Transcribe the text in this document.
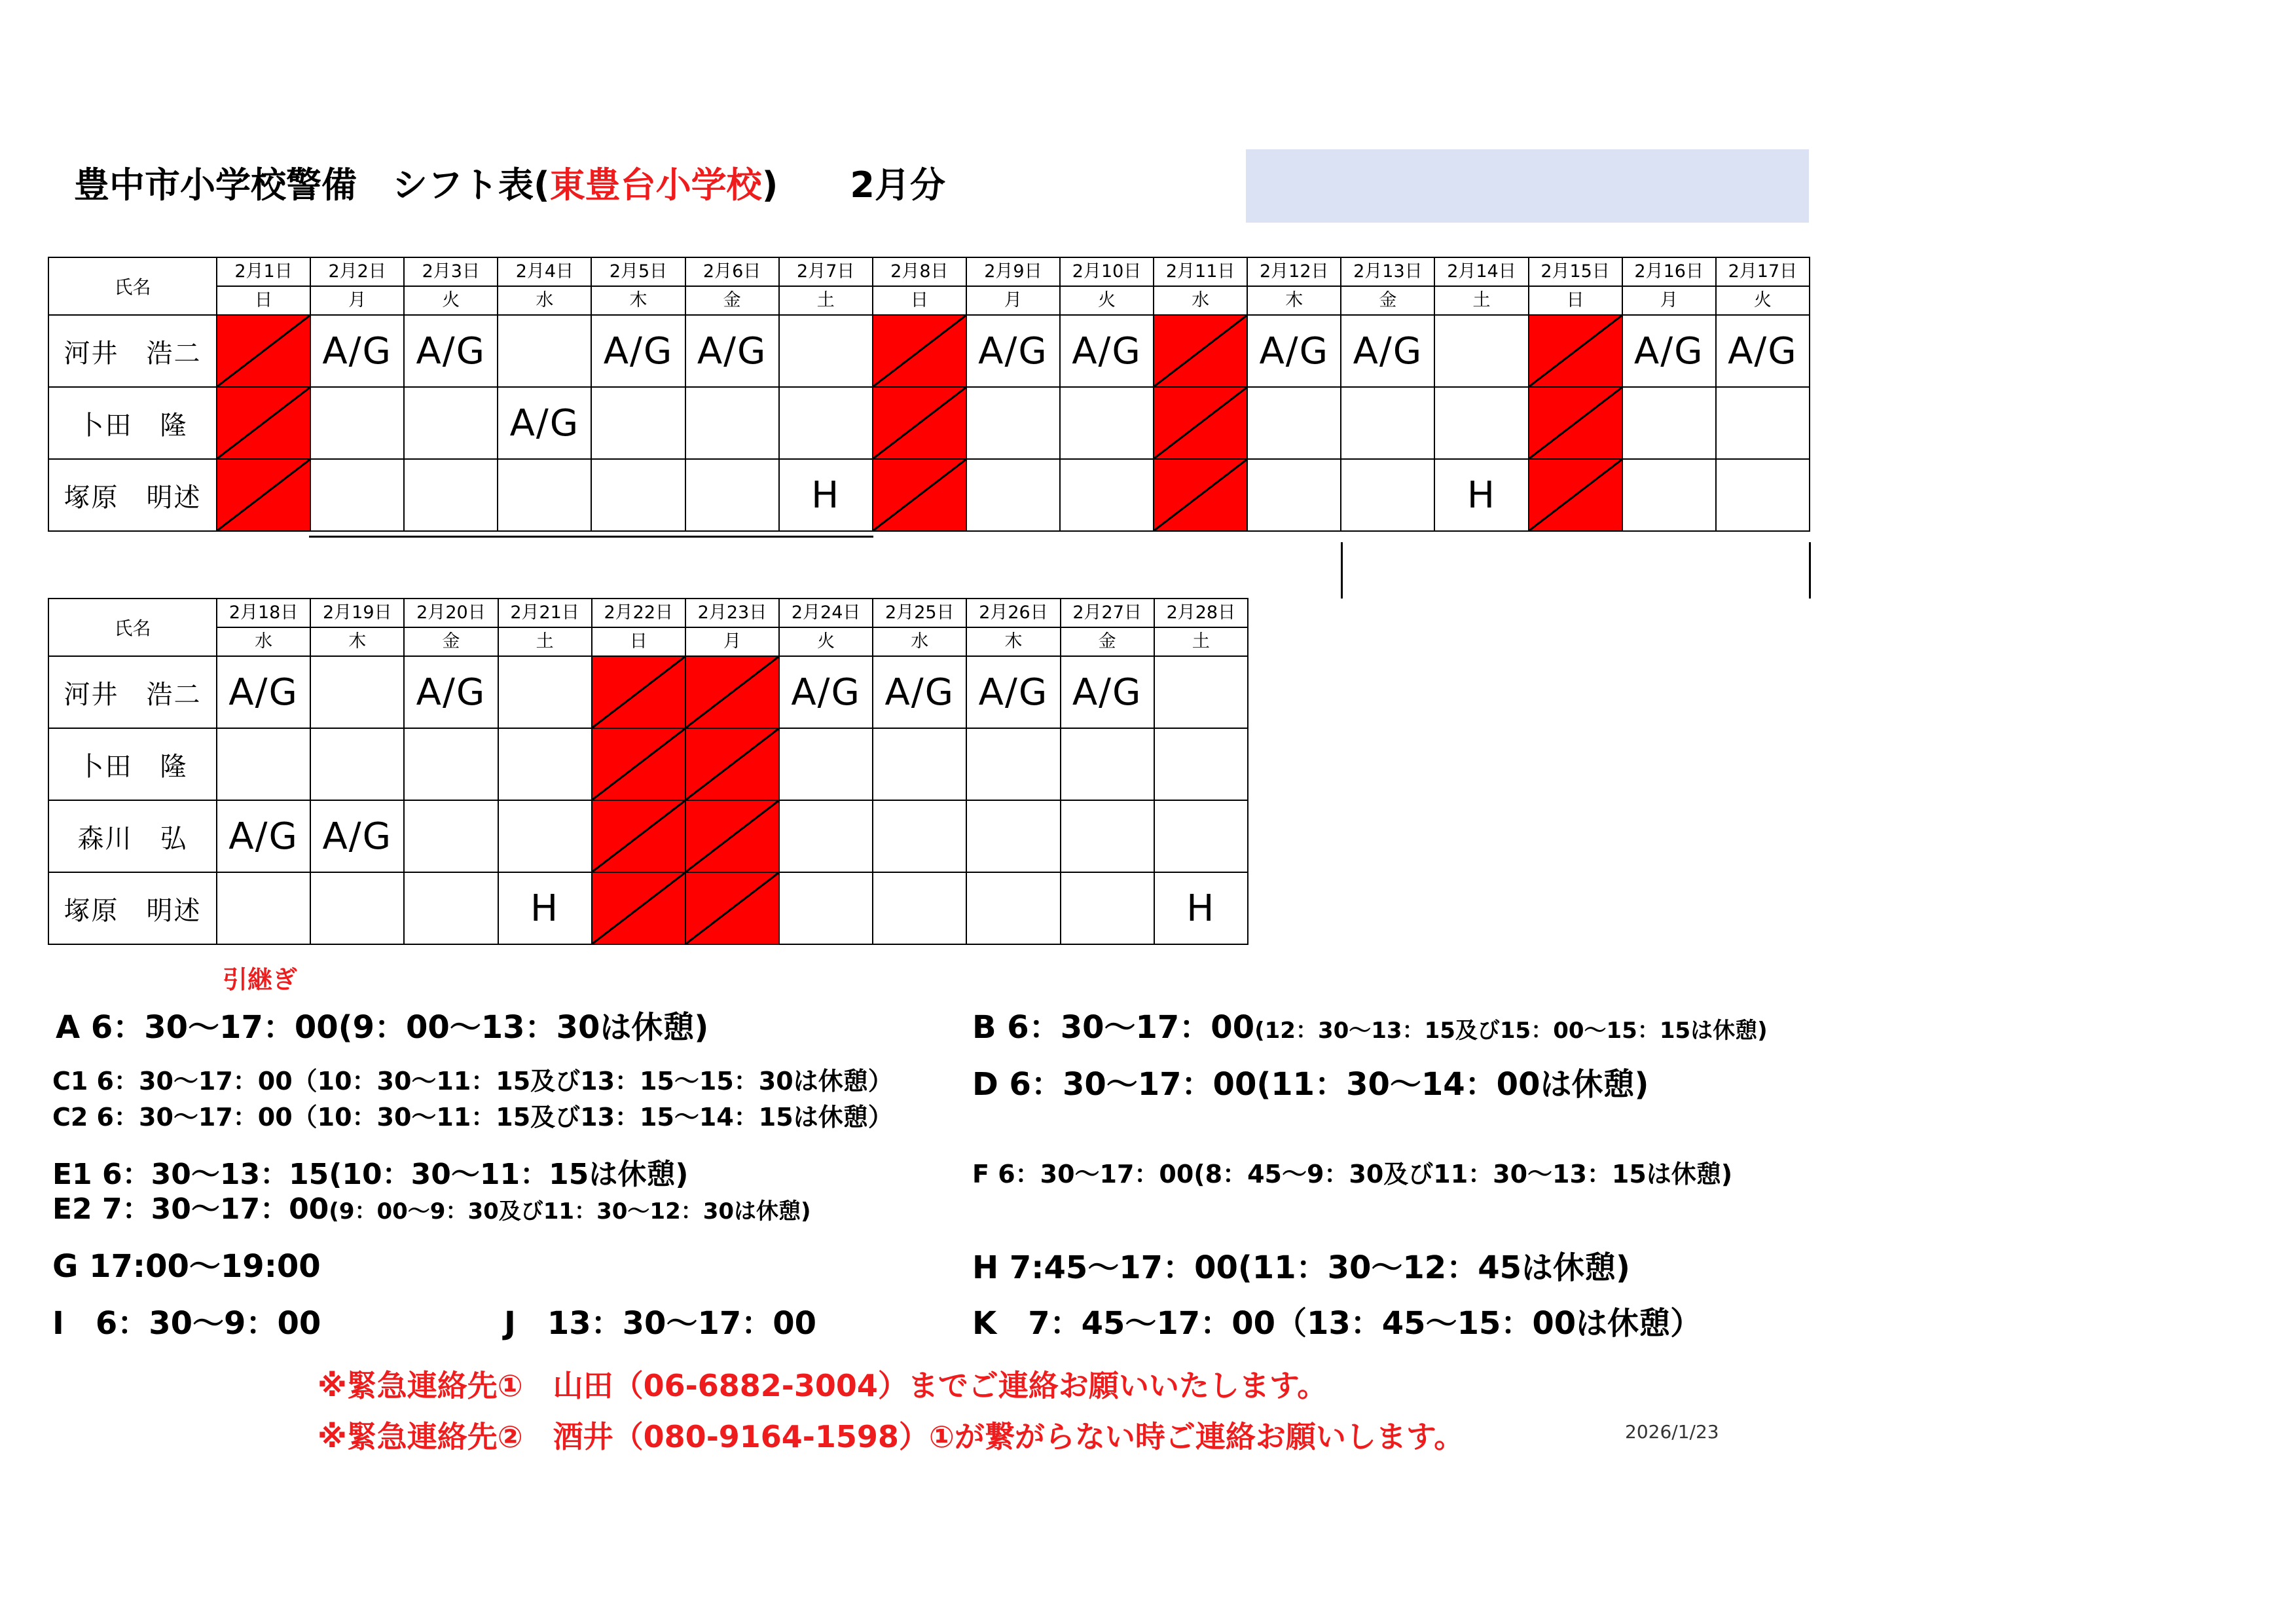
豊中市小学校警備　シフト表(東豊台小学校) 2月分
氏名	2月1日	2月2日	2月3日	2月4日	2月5日	2月6日	2月7日	2月8日	2月9日	2月10日	2月11日	2月12日	2月13日	2月14日	2月15日	2月16日	2月17日
	日	月	火	水	木	金	土	日	月	火	水	木	金	土	日	月	火
河井　浩二		A/G	A/G		A/G	A/G			A/G	A/G		A/G	A/G			A/G	A/G
卜田　隆				A/G													
塚原　明述							H							H			
氏名	2月18日	2月19日	2月20日	2月21日	2月22日	2月23日	2月24日	2月25日	2月26日	2月27日	2月28日
	水	木	金	土	日	月	火	水	木	金	土
河井　浩二	A/G		A/G				A/G	A/G	A/G	A/G	
卜田　隆											
森川　弘	A/G	A/G									
塚原　明述				H							H
引継ぎ
A 6：30〜17：00(9：00〜13：30は休憩)	B 6：30〜17：00(12：30〜13：15及び15：00〜15：15は休憩)
C1 6：30〜17：00（10：30〜11：15及び13：15〜15：30は休憩）
C2 6：30〜17：00（10：30〜11：15及び13：15〜14：15は休憩）
D 6：30〜17：00(11：30〜14：00は休憩)
E1 6：30〜13：15(10：30〜11：15は休憩)
E2 7：30〜17：00(9：00〜9：30及び11：30〜12：30は休憩)
F 6：30〜17：00(8：45〜9：30及び11：30〜13：15は休憩)
G 17:00〜19:00	H 7:45〜17：00(11：30〜12：45は休憩)
I　6：30〜9：00	J　13：30〜17：00	K　7：45〜17：00（13：45〜15：00は休憩）
※緊急連絡先①　山田（06-6882-3004）までご連絡お願いいたします。
※緊急連絡先②　酒井（080-9164-1598）①が繋がらない時ご連絡お願いします。	2026/1/23
